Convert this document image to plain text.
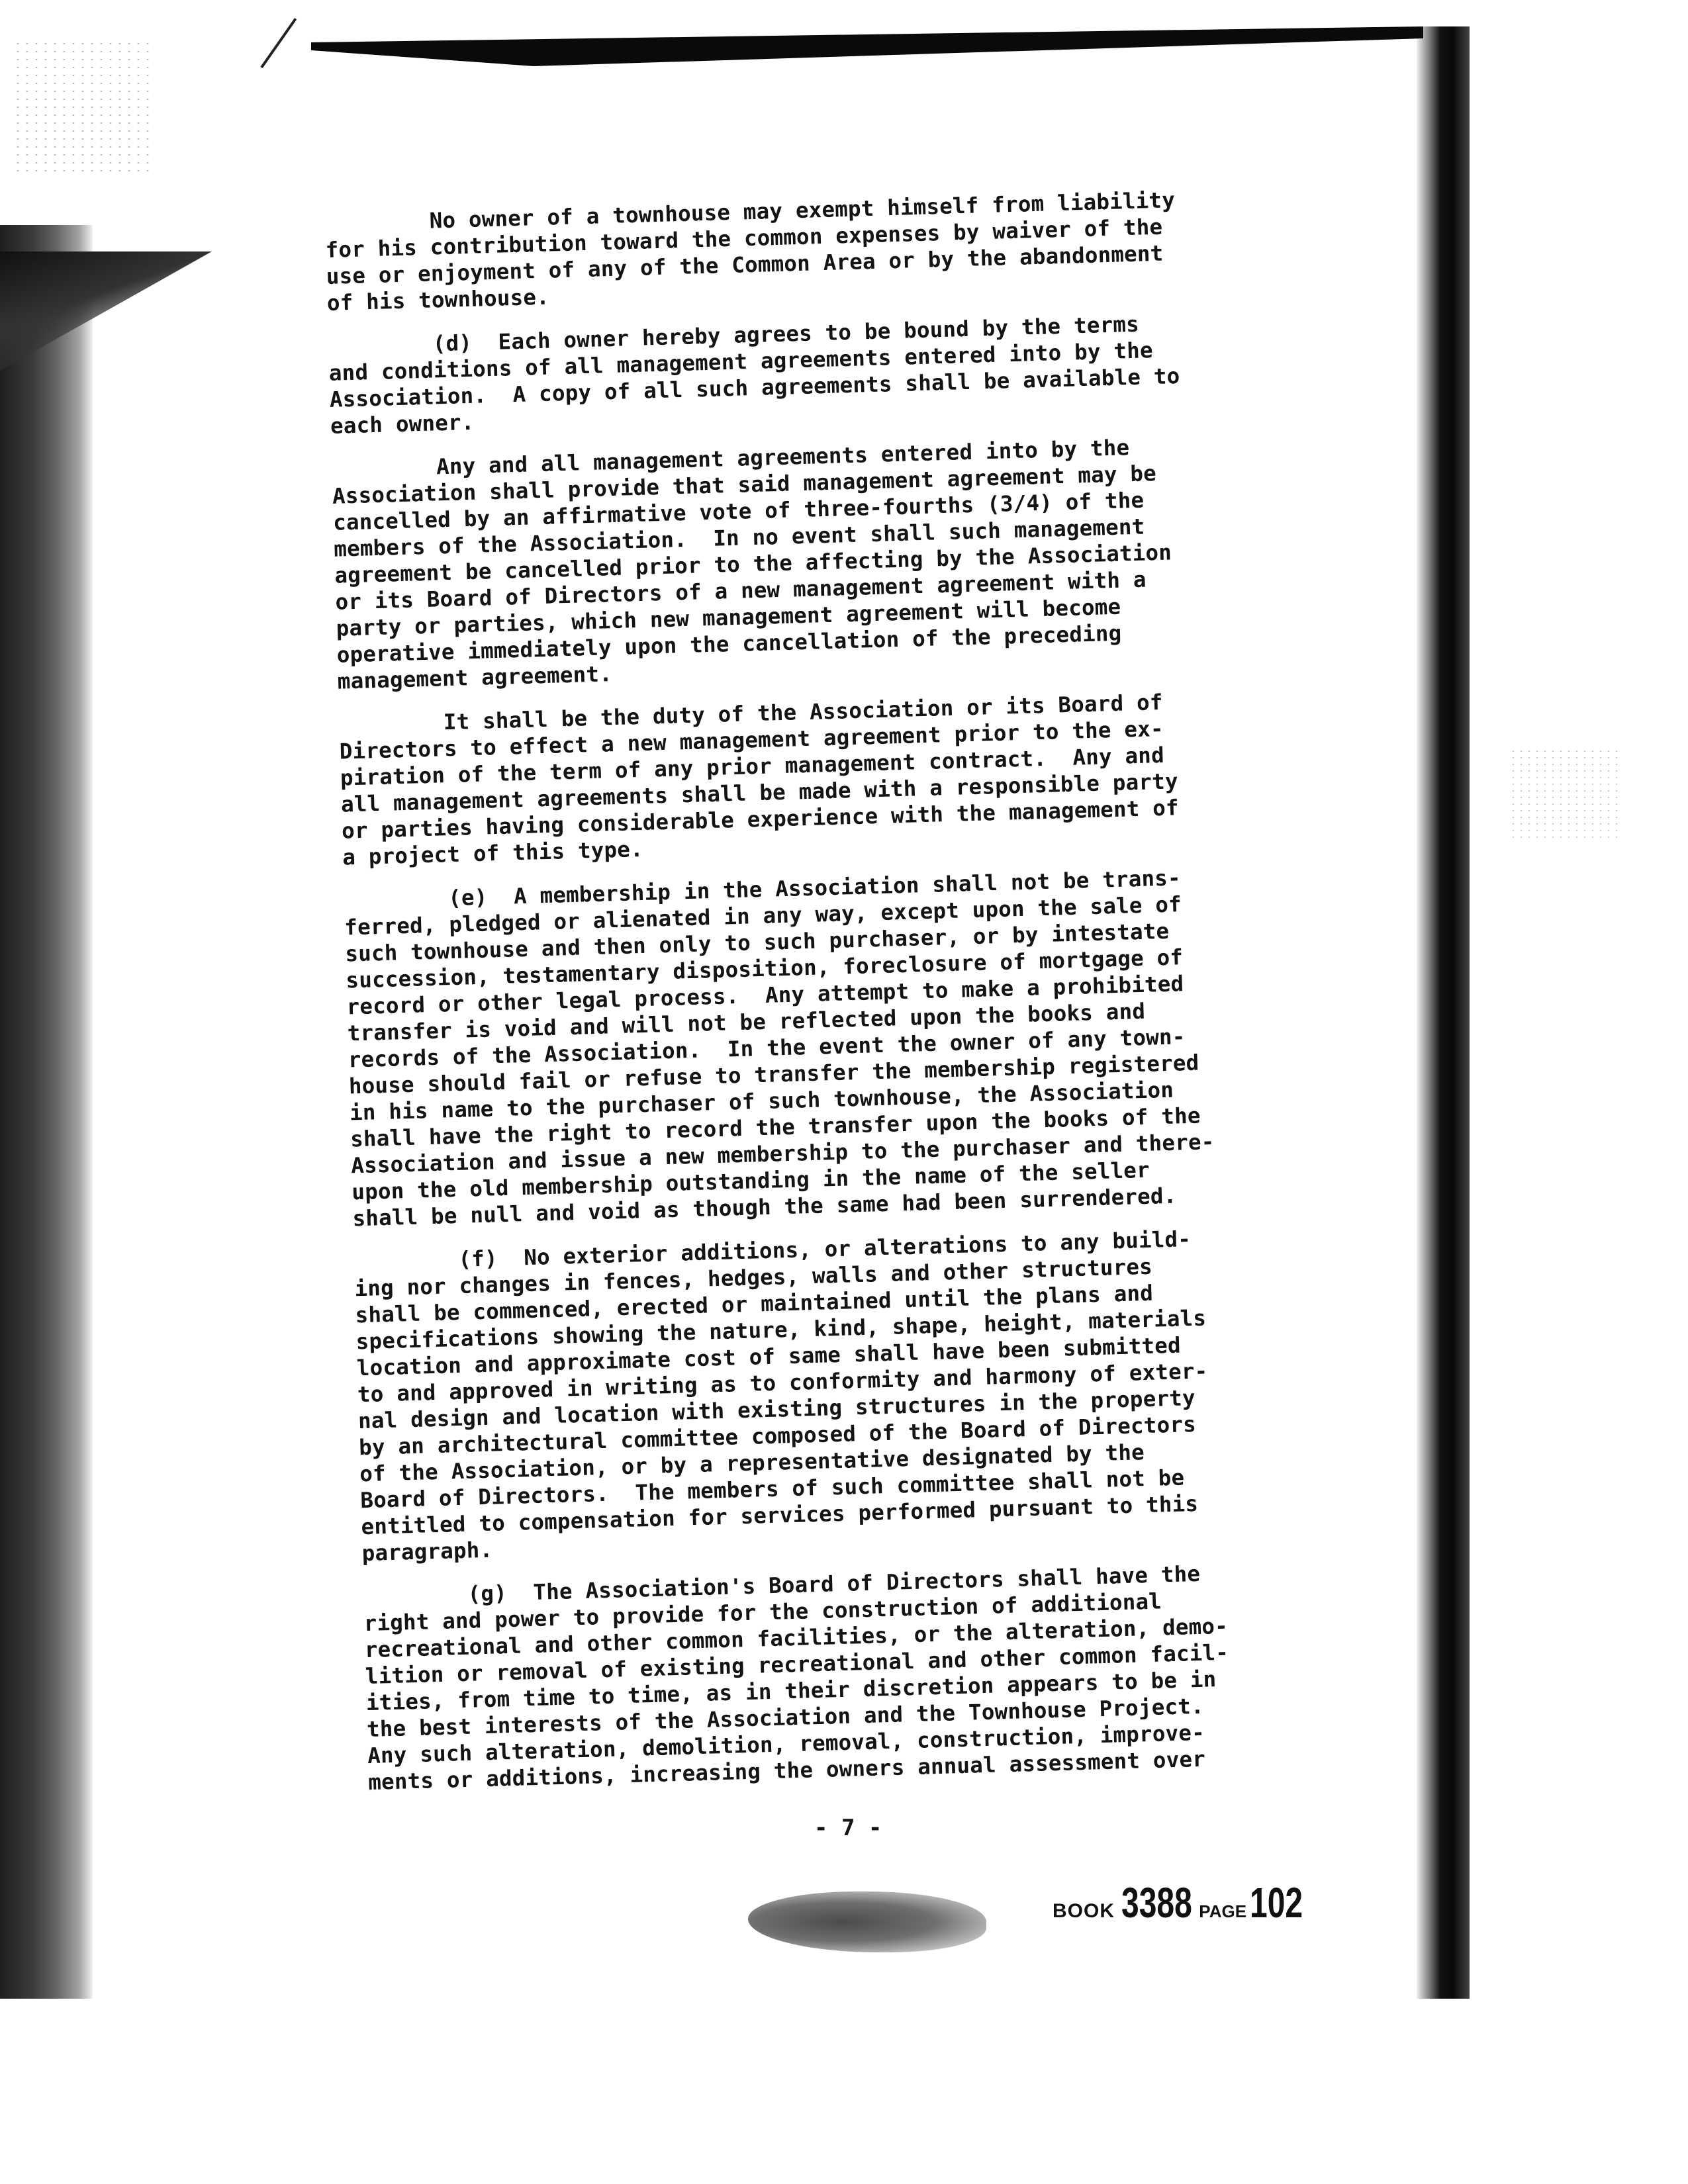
No owner of a townhouse may exempt himself from liability
for his contribution toward the common expenses by waiver of the
use or enjoyment of any of the Common Area or by the abandonment
of his townhouse.

(d)  Each owner hereby agrees to be bound by the terms
and conditions of all management agreements entered into by the
Association.  A copy of all such agreements shall be available to
each owner.

Any and all management agreements entered into by the
Association shall provide that said management agreement may be
cancelled by an affirmative vote of three-fourths (3/4) of the
members of the Association.  In no event shall such management
agreement be cancelled prior to the affecting by the Association
or its Board of Directors of a new management agreement with a
party or parties, which new management agreement will become
operative immediately upon the cancellation of the preceding
management agreement.

It shall be the duty of the Association or its Board of
Directors to effect a new management agreement prior to the ex-
piration of the term of any prior management contract.  Any and
all management agreements shall be made with a responsible party
or parties having considerable experience with the management of
a project of this type.

(e)  A membership in the Association shall not be trans-
ferred, pledged or alienated in any way, except upon the sale of
such townhouse and then only to such purchaser, or by intestate
succession, testamentary disposition, foreclosure of mortgage of
record or other legal process.  Any attempt to make a prohibited
transfer is void and will not be reflected upon the books and
records of the Association.  In the event the owner of any town-
house should fail or refuse to transfer the membership registered
in his name to the purchaser of such townhouse, the Association
shall have the right to record the transfer upon the books of the
Association and issue a new membership to the purchaser and there-
upon the old membership outstanding in the name of the seller
shall be null and void as though the same had been surrendered.

(f)  No exterior additions, or alterations to any build-
ing nor changes in fences, hedges, walls and other structures
shall be commenced, erected or maintained until the plans and
specifications showing the nature, kind, shape, height, materials
location and approximate cost of same shall have been submitted
to and approved in writing as to conformity and harmony of exter-
nal design and location with existing structures in the property
by an architectural committee composed of the Board of Directors
of the Association, or by a representative designated by the
Board of Directors.  The members of such committee shall not be
entitled to compensation for services performed pursuant to this
paragraph.

(g)  The Association's Board of Directors shall have the
right and power to provide for the construction of additional
recreational and other common facilities, or the alteration, demo-
lition or removal of existing recreational and other common facil-
ities, from time to time, as in their discretion appears to be in
the best interests of the Association and the Townhouse Project.
Any such alteration, demolition, removal, construction, improve-
ments or additions, increasing the owners annual assessment over

- 7 -
BOOK 3388 PAGE 102
